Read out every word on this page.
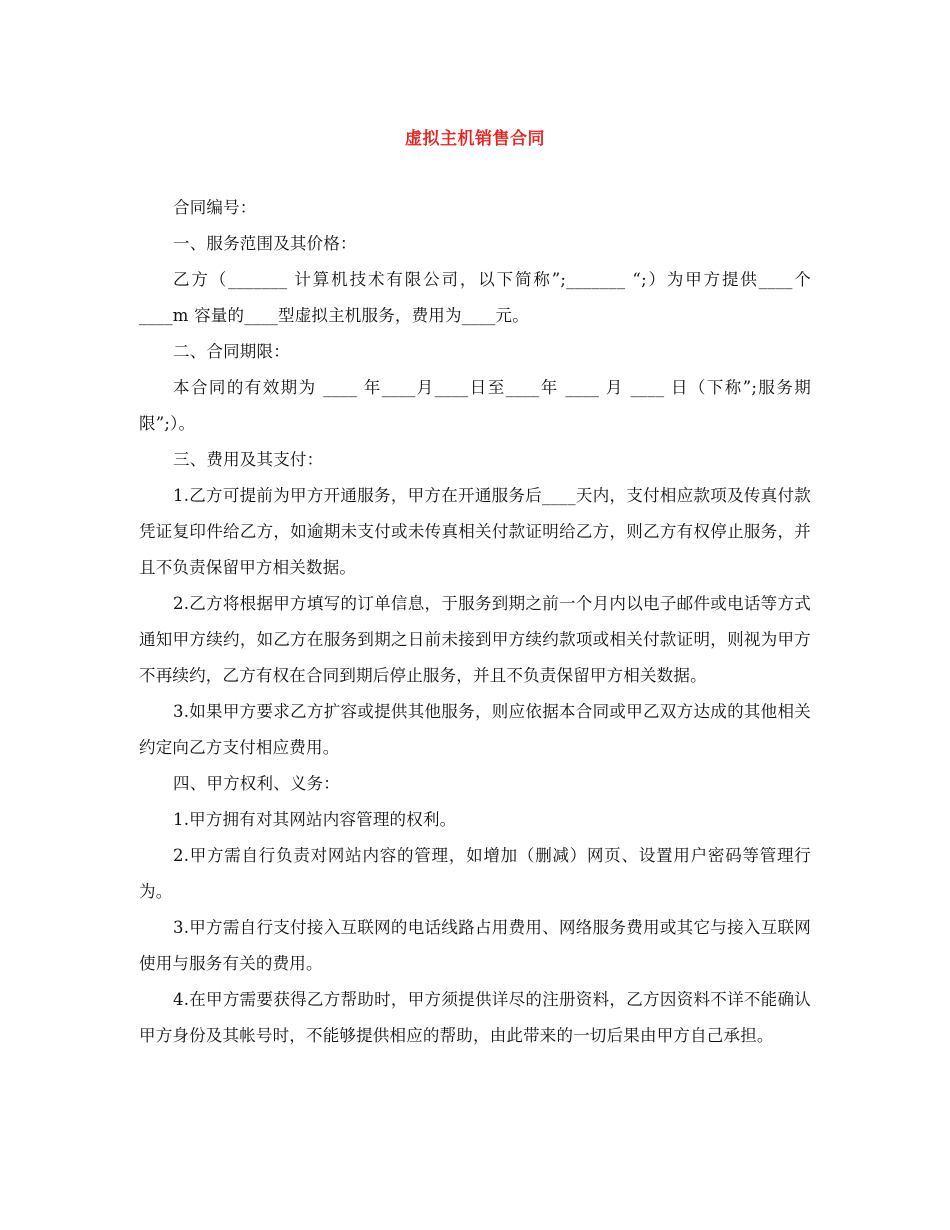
虚拟主机销售合同

合同编号：

一、服务范围及其价格：

乙方（_______ 计算机技术有限公司，以下简称”;_______ “;）为甲方提供____个____m 容量的____型虚拟主机服务，费用为____元。

二、合同期限：

本合同的有效期为 ____ 年____月____日至____年 ____ 月 ____ 日（下称”;服务期限”;）。

三、费用及其支付：

1.乙方可提前为甲方开通服务，甲方在开通服务后____天内，支付相应款项及传真付款凭证复印件给乙方，如逾期未支付或未传真相关付款证明给乙方，则乙方有权停止服务，并且不负责保留甲方相关数据。

2.乙方将根据甲方填写的订单信息，于服务到期之前一个月内以电子邮件或电话等方式通知甲方续约，如乙方在服务到期之日前未接到甲方续约款项或相关付款证明，则视为甲方不再续约，乙方有权在合同到期后停止服务，并且不负责保留甲方相关数据。

3.如果甲方要求乙方扩容或提供其他服务，则应依据本合同或甲乙双方达成的其他相关约定向乙方支付相应费用。

四、甲方权利、义务：

1.甲方拥有对其网站内容管理的权利。

2.甲方需自行负责对网站内容的管理，如增加（删减）网页、设置用户密码等管理行为。

3.甲方需自行支付接入互联网的电话线路占用费用、网络服务费用或其它与接入互联网使用与服务有关的费用。

4.在甲方需要获得乙方帮助时，甲方须提供详尽的注册资料，乙方因资料不详不能确认甲方身份及其帐号时，不能够提供相应的帮助，由此带来的一切后果由甲方自己承担。
